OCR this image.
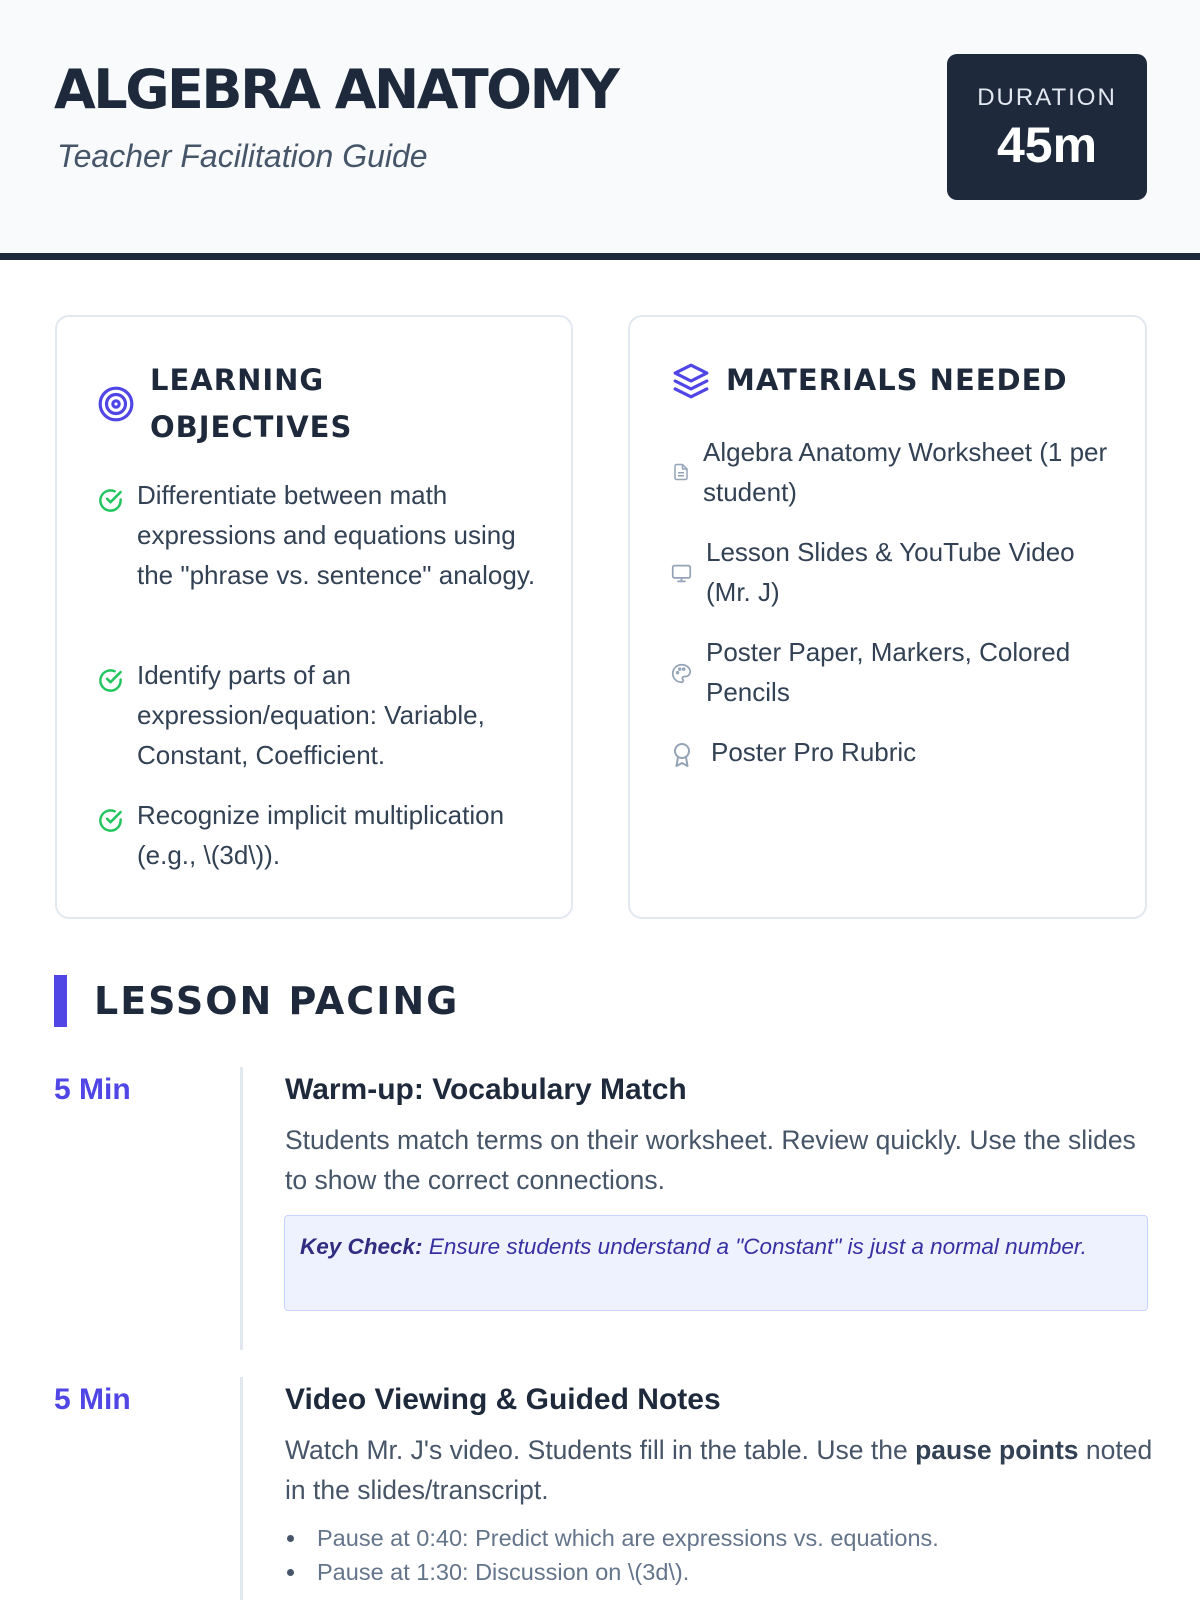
ALGEBRA ANATOMY
Teacher Facilitation Guide
DURATION
45m
LEARNING
OBJECTIVES
Differentiate between math expressions and equations using the "phrase vs. sentence" analogy.
Identify parts of an expression/equation: Variable, Constant, Coefficient.
Recognize implicit multiplication (e.g., \(3d\)).
MATERIALS NEEDED
Algebra Anatomy Worksheet (1 per student)
Lesson Slides & YouTube Video (Mr. J)
Poster Paper, Markers, Colored Pencils
Poster Pro Rubric
LESSON PACING
5 Min	Warm-up: Vocabulary Match
Students match terms on their worksheet. Review quickly. Use the slides to show the correct connections.
Key Check: Ensure students understand a "Constant" is just a normal number.
5 Min	Video Viewing & Guided Notes
Watch Mr. J's video. Students fill in the table. Use the pause points noted in the slides/transcript.
Pause at 0:40: Predict which are expressions vs. equations.
Pause at 1:30: Discussion on \(3d\).
